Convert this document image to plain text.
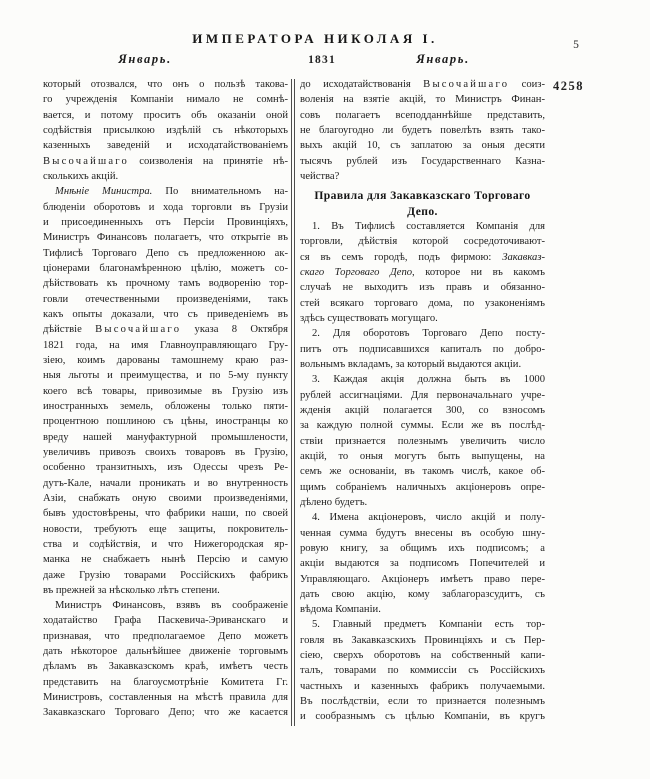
ИМПЕРАТОРА НИКОЛАЯ I.	5
Январь.	1831	Январь.
4258
который отозвался, что онъ о пользѣ такова-
го учрежденія Компаніи нимало не сомнѣ-
вается, и потому проситъ объ оказаніи оной
содѣйствія присылкою издѣлій съ нѣкоторыхъ
казенныхъ заведеній и исходатайствованіемъ
Высочайшаго соизволенія на принятіе нѣ-
сколькихъ акцій.
Мнѣніе Министра. По внимательномъ на-
блюденіи оборотовъ и хода торговли въ Грузіи
и присоединенныхъ отъ Персіи Провинціяхъ,
Министръ Финансовъ полагаетъ, что открытіе въ
Тифлисѣ Торговаго Депо съ предложенною ак-
ціонерами благонамѣренною цѣлію, можетъ со-
дѣйствовать къ прочному тамъ водворенію тор-
говли отечественными произведеніями, такъ
какъ опыты доказали, что съ приведеніемъ въ
дѣйствіе Высочайшаго указа 8 Октября
1821 года, на имя Главноуправляющаго Гру-
зіею, коимъ дарованы тамошнему краю раз-
ныя льготы и преимущества, и по 5-му пункту
коего всѣ товары, привозимые въ Грузію изъ
иностранныхъ земель, обложены только пяти-
процентною пошлиною съ цѣны, иностранцы ко
вреду нашей мануфактурной промышлености,
увеличивъ привозъ своихъ товаровъ въ Грузію,
особенно транзитныхъ, изъ Одессы чрезъ Ре-
дутъ-Кале, начали проникать и во внутренность
Азіи, снабжать оную своими произведеніями,
бывъ удостовѣрены, что фабрики наши, по своей
новости, требуютъ еще защиты, покровитель-
ства и содѣйствія, и что Нижегородская яр-
манка не снабжаетъ нынѣ Персію и самую
даже Грузію товарами Россійскихъ фабрикъ
въ прежней за нѣсколько лѣтъ степени.
Министръ Финансовъ, взявъ въ соображеніе
ходатайство Графа Паскевича-Эриванскаго и
признавая, что предполагаемое Депо можетъ
дать нѣкоторое дальнѣйшее движеніе торговымъ
дѣламъ въ Закавказскомъ краѣ, имѣетъ честь
представить на благоусмотрѣніе Комитета Гг.
Министровъ, составленныя на мѣстѣ правила для
Закавказскаго Торговаго Депо; что же касается
до исходатайствованія Высочайшаго соиз-
воленія на взятіе акцій, то Министръ Финан-
совъ полагаетъ всеподданнѣйше представить,
не благоугодно ли будетъ повелѣть взять тако-
выхъ акцій 10, съ заплатою за оныя десяти
тысячъ рублей изъ Государственнаго Казна-
чейства?
Правила для Закавказскаго Торговаго
Депо.
1. Въ Тифлисѣ составляется Компанія для
торговли, дѣйствія которой сосредоточивают-
ся въ семъ городѣ, подъ фирмою: Закавказ-
скаго Торговаго Депо, которое ни въ какомъ
случаѣ не выходитъ изъ правъ и обязанно-
стей всякаго торговаго дома, по узаконеніямъ
здѣсь существовать могущаго.
2. Для оборотовъ Торговаго Депо посту-
питъ отъ подписавшихся капиталъ по добро-
вольнымъ вкладамъ, за который выдаются акціи.
3. Каждая акція должна быть въ 1000
рублей ассигнаціями. Для первоначальнаго учре-
жденія акцій полагается 300, со взносомъ
за каждую полной суммы. Если же въ послѣд-
ствіи признается полезнымъ увеличить число
акцій, то оныя могутъ быть выпущены, на
семъ же основаніи, въ такомъ числѣ, какое об-
щимъ собраніемъ наличныхъ акціонеровъ опре-
дѣлено будетъ.
4. Имена акціонеровъ, число акцій и полу-
ченная сумма будутъ внесены въ особую шну-
ровую книгу, за общимъ ихъ подписомъ; а
акціи выдаются за подписомъ Попечителей и
Управляющаго. Акціонеръ имѣетъ право пере-
дать свою акцію, кому заблагоразсудитъ, съ
вѣдома Компаніи.
5. Главный предметъ Компаніи есть тор-
говля въ Закавказскихъ Провинціяхъ и съ Пер-
сіею, сверхъ оборотовъ на собственный капи-
талъ, товарами по коммиссіи съ Россійскихъ
частныхъ и казенныхъ фабрикъ получаемыми.
Въ послѣдствіи, если то признается полезнымъ
и сообразнымъ съ цѣлью Компаніи, въ кругъ
